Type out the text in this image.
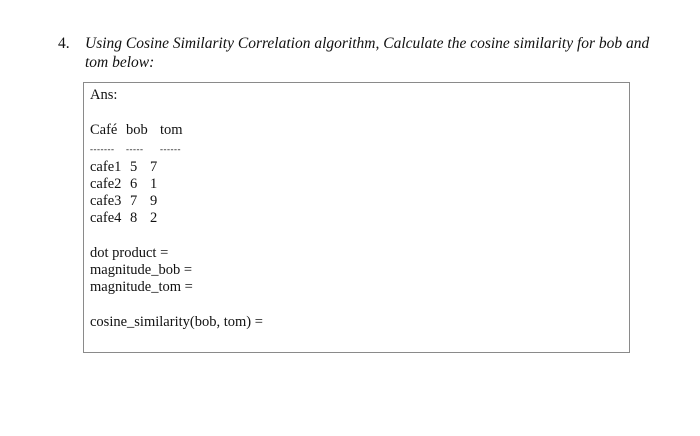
4. Using Cosine Similarity Correlation algorithm, Calculate the cosine similarity for bob and
tom below:
Ans:
Café bob tom
------- ----- ------
cafe1 5 7
cafe2 6 1
cafe3 7 9
cafe4 8 2
dot product =
magnitude_bob =
magnitude_tom =
cosine_similarity(bob, tom) =
